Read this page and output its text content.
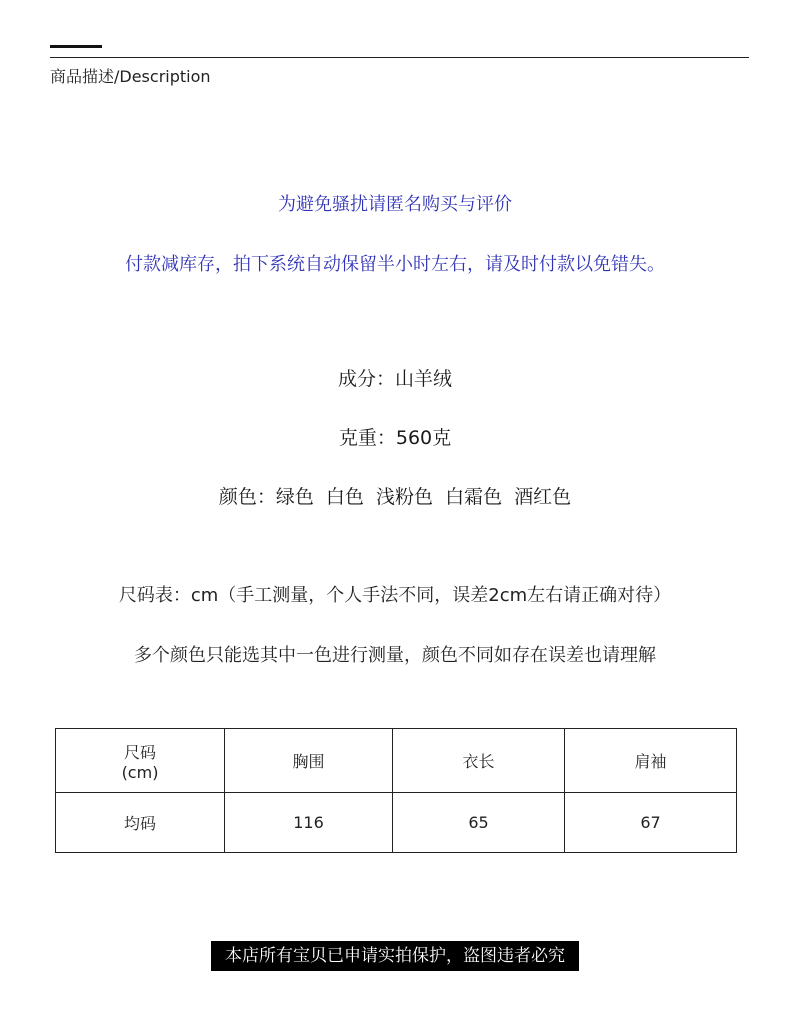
商品描述/Description
为避免骚扰请匿名购买与评价
付款减库存，拍下系统自动保留半小时左右，请及时付款以免错失。
成分：山羊绒
克重：560克
颜色：绿色  白色  浅粉色  白霜色  酒红色
尺码表：cm（手工测量，个人手法不同，误差2cm左右请正确对待）
多个颜色只能选其中一色进行测量，颜色不同如存在误差也请理解
尺码
(cm)	胸围	衣长	肩袖
均码	116	65	67
本店所有宝贝已申请实拍保护，盗图违者必究
